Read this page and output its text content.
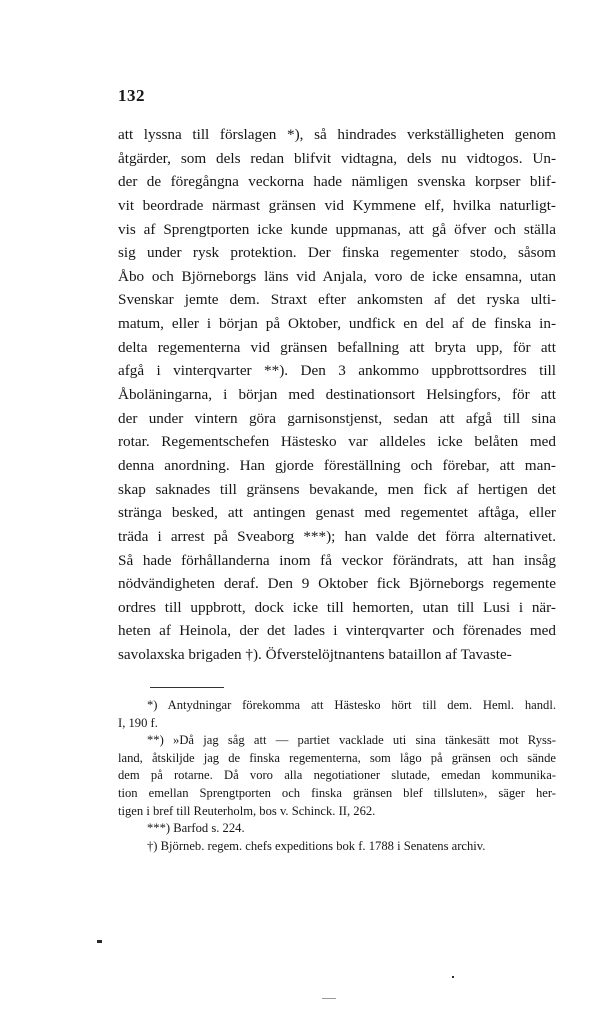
132
att lyssna till förslagen *), så hindrades verkställigheten genom
åtgärder, som dels redan blifvit vidtagna, dels nu vidtogos. Un-
der de föregångna veckorna hade nämligen svenska korpser blif-
vit beordrade närmast gränsen vid Kymmene elf, hvilka naturligt-
vis af Sprengtporten icke kunde uppmanas, att gå öfver och ställa
sig under rysk protektion. Der finska regementer stodo, såsom
Åbo och Björneborgs läns vid Anjala, voro de icke ensamna, utan
Svenskar jemte dem. Straxt efter ankomsten af det ryska ulti-
matum, eller i början på Oktober, undfick en del af de finska in-
delta regementerna vid gränsen befallning att bryta upp, för att
afgå i vinterqvarter **). Den 3 ankommo uppbrottsordres till
Åboläningarna, i början med destinationsort Helsingfors, för att
der under vintern göra garnisonstjenst, sedan att afgå till sina
rotar. Regementschefen Hästesko var alldeles icke belåten med
denna anordning. Han gjorde föreställning och förebar, att man-
skap saknades till gränsens bevakande, men fick af hertigen det
stränga besked, att antingen genast med regementet aftåga, eller
träda i arrest på Sveaborg ***); han valde det förra alternativet.
Så hade förhållanderna inom få veckor förändrats, att han insåg
nödvändigheten deraf. Den 9 Oktober fick Björneborgs regemente
ordres till uppbrott, dock icke till hemorten, utan till Lusi i när-
heten af Heinola, der det lades i vinterqvarter och förenades med
savolaxska brigaden †). Öfverstelöjtnantens bataillon af Tavaste-
*) Antydningar förekomma att Hästesko hört till dem. Heml. handl.
I, 190 f.
**) »Då jag såg att — partiet vacklade uti sina tänkesätt mot Ryss-
land, åtskiljde jag de finska regementerna, som lågo på gränsen och sände
dem på rotarne. Då voro alla negotiationer slutade, emedan kommunika-
tion emellan Sprengtporten och finska gränsen blef tillsluten», säger her-
tigen i bref till Reuterholm, bos v. Schinck. II, 262.
***) Barfod s. 224.
†) Björneb. regem. chefs expeditions bok f. 1788 i Senatens archiv.
